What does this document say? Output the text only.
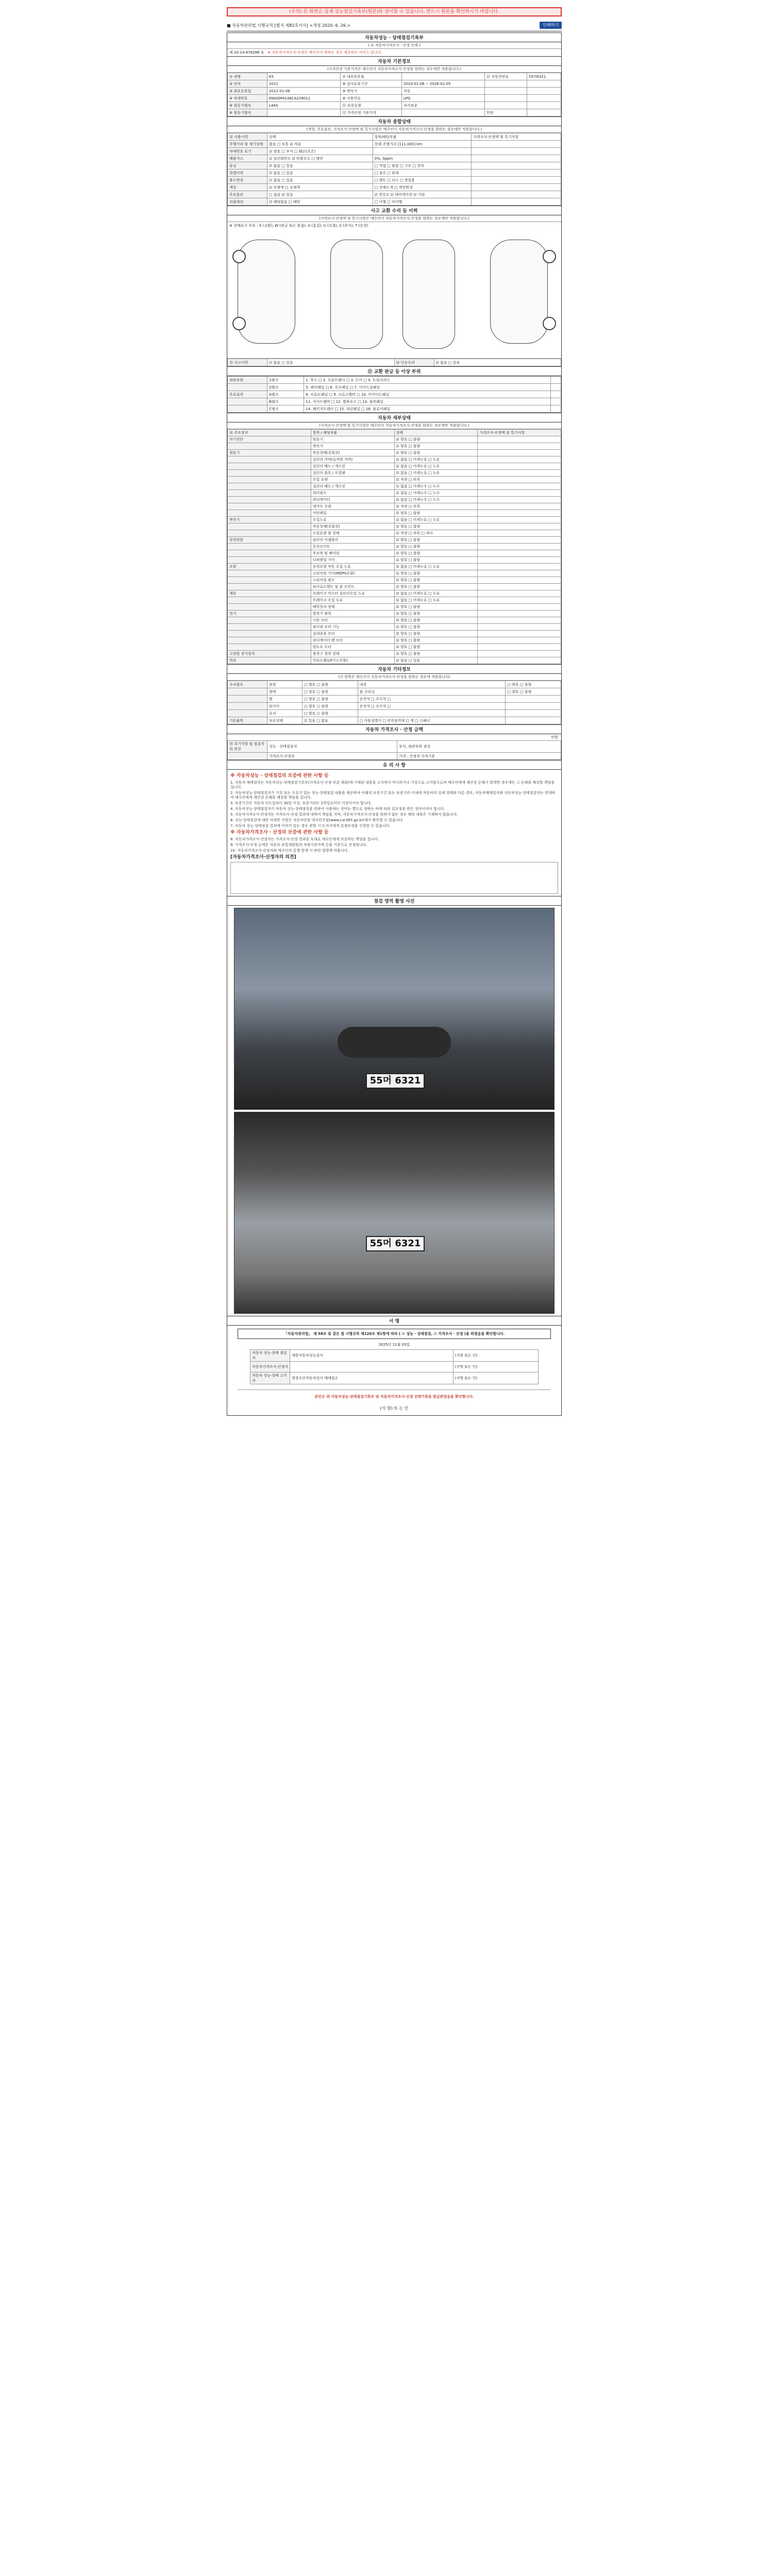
(주의) 본 화면은 실제 성능점검기록부(원본)와 상이할 수 있습니다. 반드시 원본을 확인하시기 바랍니다.
■ 자동차관리법 시행규칙 [별지 제82호서식] <개정 2020. 6. 26.>	인쇄하기
자동차성능 · 상태점검기록부
( ☑ 자동차가격조사 · 산정 선택 )
제 20-14-676286 호 ※ 자동차가격조사·산정은 매수인이 원하는 경우 제공하는 서비스 입니다.
자동차 기본정보
(가격산정 기준가격은 매수인이 자동차가격조사·산정을 원하는 경우에만 적용됩니다.)
① 차명	K5	⑦ 내부부문율		⑬ 자동차번호	55머6321
② 연식	2012	⑧ 검사유효기간	2024-01-06 ~ 2026-01-05		
③ 최초등록일	2012-01-06	⑨ 변속기	자동		
④ 차대번호	KNAGM4148CA239011	⑩ 사용연료	LPG		
⑤ 원동기형식	L4KA	⑪ 보증유형	자가보증		
⑥ 원동기형식		⑫ 가격산정 기준가격		만원	
자동차 종합상태
(색상, 주요옵션, 가격조사·산정액 및 특기사항은 매수인이 자동차가격조사·산정을 원하는 경우에만 적용합니다.)
⑭ 사용이력	상태	항목/해당부품	가격조사·산정액 및 특기사항
주행거리 및 계기상태	많음 □ 보통 ☑ 적음	현재 주행거리 [111,000] km	
차대번호 표기	☑ 양호 □ 부식 □ 훼손(오손)		
배출가스	☑ 일산화탄소 ☑ 탄화수소 □ 매연	0%, 0ppm	
튜닝	☑ 없음 □ 있음	□ 적법 □ 불법 □ 구조 □ 장치	
특별이력	☑ 없음 □ 있음	□ 침수 □ 화재	
용도변경	☑ 없음 □ 있음	□ 렌트 □ 리스 □ 영업용	
색상	☑ 무채색 □ 유채색	□ 전체도색 □ 색상변경	
주요옵션	□ 없음 ☑ 있음	☑ 썬루프 ☑ 네비게이션 ☑ 기타	
리콜대상	☑ 해당없음 □ 해당	□ 이행 □ 미이행	
사고 교환 수리 등 이력
(가격조사·산정액 및 특기사항은 매수인이 자동차가격조사·산정을 원하는 경우에만 적용합니다.)
※ 상태표시 부호 : X (교환), W (판금 또는 용접), A (흠집), U (요철), C (부식), T (손상)
⑮ 사고이력	☑ 없음 □ 있음	⑯ 단순수리	☑ 없음 □ 있음
⑰ 교환 판금 등 이상 부위
외판부위	1랭크	1. 후드 □ 2. 프론트펜더 □ 3. 도어 □ 4. 트렁크리드	
	2랭크	5. 쿼터패널 □ 6. 루프패널 □ 7. 사이드실패널	
주요골격	A랭크	8. 프론트패널 □ 9. 크로스멤버 □ 10. 인사이드패널	
	B랭크	11. 사이드멤버 □ 12. 휠하우스 □ 13. 필러패널	
	C랭크	14. 패키지트레이 □ 15. 대쉬패널 □ 16. 플로어패널	
자동차 세부상태
(가격조사·산정액 및 특기사항은 매수인이 자동차가격조사·산정을 원하는 경우에만 적용합니다.)
⑱ 주요장치	항목 / 해당부품	상태	가격조사·산정액 및 특기사항
자기진단	원동기	☑ 양호 □ 불량	
	변속기	☑ 양호 □ 불량	
원동기	작동상태(공회전)	☑ 양호 □ 불량	
	실린더 커버(로커암 커버)	☑ 없음 □ 미세누유 □ 누유	
	실린더 헤드 / 개스킷	☑ 없음 □ 미세누유 □ 누유	
	실린더 블록 / 오일팬	☑ 없음 □ 미세누유 □ 누유	
	오일 유량	☑ 적정 □ 부족	
	실린더 헤드 / 개스킷	☑ 없음 □ 미세누수 □ 누수	
	워터펌프	☑ 없음 □ 미세누수 □ 누수	
	라디에이터	☑ 없음 □ 미세누수 □ 누수	
	냉각수 수량	☑ 적정 □ 부족	
	커먼레일	☑ 양호 □ 불량	
변속기	오일누유	☑ 없음 □ 미세누유 □ 누유	
	작동상태(공회전)	☑ 양호 □ 불량	
	오일유량 및 상태	☑ 적정 □ 부족 □ 과다	
동력전달	클러치 어셈블리	☑ 양호 □ 불량	
	등속조인트	☑ 양호 □ 불량	
	추진축 및 베어링	☑ 양호 □ 불량	
	디퍼렌셜 기어	☑ 양호 □ 불량	
조향	동력조향 작동 오일 누유	☑ 없음 □ 미세누유 □ 누유	
	스티어링 기어(MDPS포함)	☑ 양호 □ 불량	
	스티어링 펌프	☑ 양호 □ 불량	
	타이로드엔드 및 볼 조인트	☑ 양호 □ 불량	
제동	브레이크 마스터 실린더오일 누유	☑ 없음 □ 미세누유 □ 누유	
	브레이크 오일 누유	☑ 없음 □ 미세누유 □ 누유	
	배력장치 상태	☑ 양호 □ 불량	
전기	발전기 출력	☑ 양호 □ 불량	
	시동 모터	☑ 양호 □ 불량	
	와이퍼 모터 기능	☑ 양호 □ 불량	
	실내송풍 모터	☑ 양호 □ 불량	
	라디에이터 팬 모터	☑ 양호 □ 불량	
	윈도우 모터	☑ 양호 □ 불량	
고전원 전기장치	충전구 절연 상태	☑ 양호 □ 불량	
연료	연료누출(LP가스포함)	☑ 없음 □ 있음	
자동차 기타정보
(이 항목은 매수인이 자동차가격조사·산정을 원하는 경우에 적용합니다)
수리필요	외장	□ 양호 □ 불량	내장	□ 양호 □ 불량
	광택	□ 양호 □ 불량	룸 크리닝	□ 양호 □ 불량
	휠	□ 양호 □ 불량	운전석 □ 조수석 □	
	타이어	□ 양호 □ 불량	운전석 □ 조수석 □	
	유리	□ 양호 □ 불량		
기본품목	보유상태	☑ 있음 □ 없음	□ 사용설명서 □ 안전삼각대 □ 잭 □ 스패너	
자동차 가격조사 · 산정 금액
만원
⑲ 특기사항 및 점검자의 의견	성능 · 상태점검자	부식, 외판부위 점검
	가격조사·산정자	가격 : 산정자 가격기준
유 의 사 항
※ 자동차성능 · 상태점검의 보증에 관한 사항 등

1. 자동차 매매업자는 자동차성능·상태점검기록부(가격조사·산정 부분 제외)에 기재된 내용을 고지하지 아니하거나 거짓으로 고지함으로써 매수인에게 재산상 손해가 발생한 경우에는 그 손해를 배상할 책임을 집니다.

2. 자동차성능·상태점검자가 거짓 또는 오류가 있는 성능·상태점검 내용을 제공하여 아래의 보증기간 또는 보증거리 이내에 자동차의 실제 상태와 다른 경우, 자동차매매업자와 자동차성능·상태점검자는 연대하여 매수인에게 재산상 손해를 배상할 책임을 집니다.

3. 보증기간은 자동차 인도일부터 30일 이상, 보증거리는 2천킬로미터 이상이어야 합니다.

4. 자동차성능·상태점검자가 자동차 성능·상태점검을 위하여 사용하는 장비는 별도로 정하는 바에 따라 검교정을 받은 장비이어야 합니다.

5. 자동차가격조사·산정자는 가격조사·산정 결과에 대하여 책임을 지며, 자동차가격조사·산정을 원하지 않는 경우 해당 내용은 기재하지 않습니다.

6. 성능·상태점검에 대한 자세한 사항은 자동차민원 대국민포털(www.car365.go.kr)에서 확인할 수 있습니다.

7. 자동차 성능·상태점검 결과에 이의가 있는 경우 관할 시·도지사에게 분쟁조정을 신청할 수 있습니다.

※ 자동차가격조사 · 산정의 보증에 관한 사항 등

8. 자동차가격조사·산정자는 가격조사·산정 결과를 토대로 매수인에게 보증하는 책임을 집니다.

9. 가격조사·산정 금액은 자동차 보험개발원의 차량기준가액 등을 기준으로 산정합니다.

10. 자동차가격조사·산정자와 매수인의 분쟁 발생 시 관련 법령에 따릅니다.

[자동차가격조사·산정자의 의견]
점검 영역 촬영 사진
55머 6321
55머 6321
서 명
「자동차관리법」 제 58조 및 같은 법 시행규칙 제120조 제1항에 따라 ( ☑ 성능 · 상태점검, ☑ 가격조사 · 산정 )을 하였음을 확인합니다.
2025년 11월 03일
자동차 성능·상태 점검자	대한자동차성능검사	(서명 또는 인)
자동차가격조사·산정자		(서명 또는 인)
자동차 성능·상태 고지자	명장오산자동차상사 매매업소	(서명 또는 인)
본인은 위 자동차성능·상태점검기록부 및 자동차가격조사·산정 선택기록을 발급받았음을 확인합니다.
(서 명) 또 는 인
